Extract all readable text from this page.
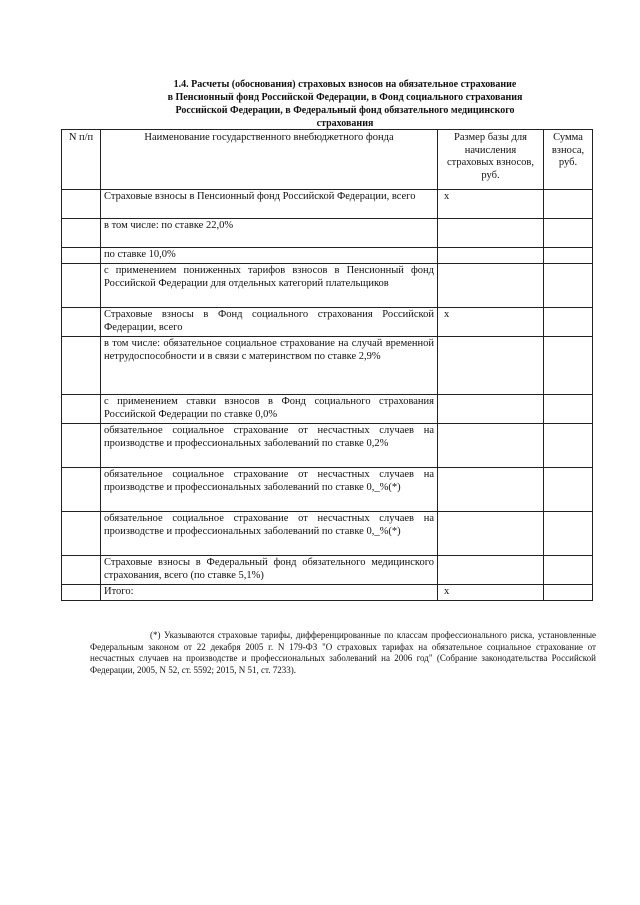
1.4. Расчеты (обоснования) страховых взносов на обязательное страхование
в Пенсионный фонд Российской Федерации, в Фонд социального страхования
Российской Федерации, в Федеральный фонд обязательного медицинского
страхования
N п/п	Наименование государственного внебюджетного фонда	Размер базы для начисления страховых взносов, руб.	Сумма взноса, руб.
	Страховые взносы в Пенсионный фонд Российской Федерации, всего	x	
	в том числе: по ставке 22,0%		
	по ставке 10,0%		
	с применением пониженных тарифов взносов в Пенсионный фонд Российской Федерации для отдельных категорий плательщиков		
	Страховые взносы в Фонд социального страхования Российской Федерации, всего	x	
	в том числе: обязательное социальное страхование на случай временной нетрудоспособности и в связи с материнством по ставке 2,9%		
	с применением ставки взносов в Фонд социального страхования Российской Федерации по ставке 0,0%		
	обязательное социальное страхование от несчастных случаев на производстве и профессиональных заболеваний по ставке 0,2%		
	обязательное социальное страхование от несчастных случаев на производстве и профессиональных заболеваний по ставке 0,_%(*)		
	обязательное социальное страхование от несчастных случаев на производстве и профессиональных заболеваний по ставке 0,_%(*)		
	Страховые взносы в Федеральный фонд обязательного медицинского страхования, всего (по ставке 5,1%)		
	Итого:	x	
(*) Указываются страховые тарифы, дифференцированные по классам профессионального риска, установленные Федеральным законом от 22 декабря 2005 г. N 179-ФЗ "О страховых тарифах на обязательное социальное страхование от несчастных случаев на производстве и профессиональных заболеваний на 2006 год" (Собрание законодательства Российской Федерации, 2005, N 52, ст. 5592; 2015, N 51, ст. 7233).
